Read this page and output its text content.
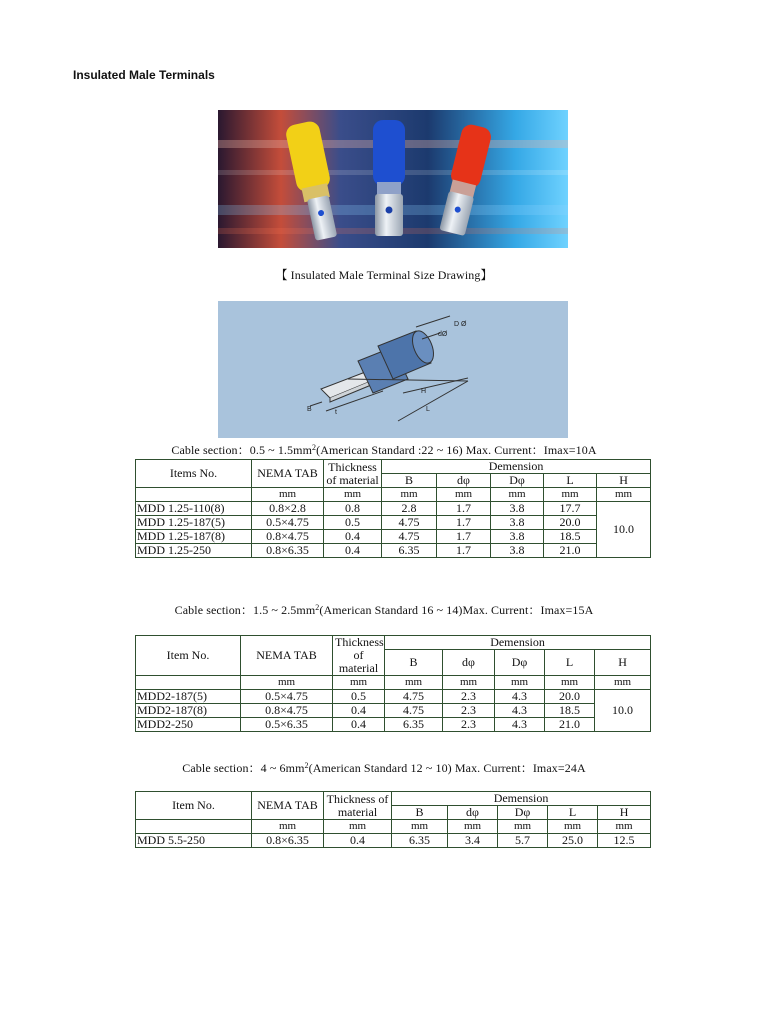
Insulated Male Terminals
【 Insulated Male Terminal Size Drawing】
D Ø
dØ
H
L
B	t
Cable section：0.5 ~ $1.5mm^2(American$ Standard :22 ~ 16) Max. Current：Imax=10A
Items No.	NEMA TAB	Thickness of material	Demension				
			B	dφ	Dφ	L	H
	mm	mm	mm	mm	mm	mm	mm
MDD 1.25-110(8)	0.8×2.8	0.8	2.8	1.7	3.8	17.7	10.0
MDD 1.25-187(5)	0.5×4.75	0.5	4.75	1.7	3.8	20.0	
MDD 1.25-187(8)	0.8×4.75	0.4	4.75	1.7	3.8	18.5	
MDD 1.25-250	0.8×6.35	0.4	6.35	1.7	3.8	21.0	
Cable section：1.5 ~ $2.5mm^2(American$ Standard 16 ~ 14)Max. Current：Imax=15A
Item No.	NEMA TAB	Thickness of material	Demension				
			B	dφ	Dφ	L	H

	mm	mm	mm	mm	mm	mm	mm
MDD2-187(5)	0.5×4.75	0.5	4.75	2.3	4.3	20.0	10.0
MDD2-187(8)	0.8×4.75	0.4	4.75	2.3	4.3	18.5	
MDD2-250	0.5×6.35	0.4	6.35	2.3	4.3	21.0	
Cable section：4 ~ $6mm^2(American$ Standard 12 ~ 10) Max. Current：Imax=24A
Item No.	NEMA TAB	Thickness of material	Demension				
			B	dφ	Dφ	L	H
	mm	mm	mm	mm	mm	mm	mm
MDD 5.5-250	0.8×6.35	0.4	6.35	3.4	5.7	25.0	12.5
